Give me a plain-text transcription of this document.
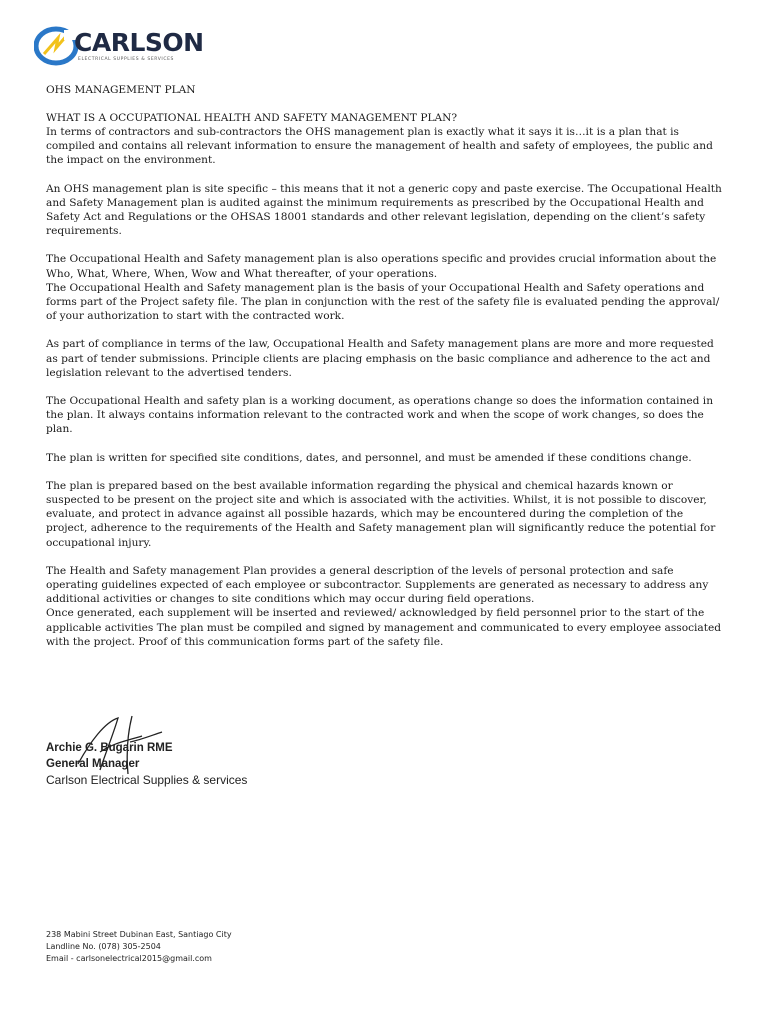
CARLSON
ELECTRICAL SUPPLIES & SERVICES

OHS MANAGEMENT PLAN

WHAT IS A OCCUPATIONAL HEALTH AND SAFETY MANAGEMENT PLAN?

In terms of contractors and sub-contractors the OHS management plan is exactly what it says it is…it is a plan that is compiled and contains all relevant information to ensure the management of health and safety of employees, the public and the impact on the environment.

An OHS management plan is site specific – this means that it not a generic copy and paste exercise. The Occupational Health and Safety Management plan is audited against the minimum requirements as prescribed by the Occupational Health and Safety Act and Regulations or the OHSAS 18001 standards and other relevant legislation, depending on the client’s safety requirements.

The Occupational Health and Safety management plan is also operations specific and provides crucial information about the Who, What, Where, When, Wow and What thereafter, of your operations.

The Occupational Health and Safety management plan is the basis of your Occupational Health and Safety operations and forms part of the Project safety file. The plan in conjunction with the rest of the safety file is evaluated pending the approval/ of your authorization to start with the contracted work.

As part of compliance in terms of the law, Occupational Health and Safety management plans are more and more requested as part of tender submissions. Principle clients are placing emphasis on the basic compliance and adherence to the act and legislation relevant to the advertised tenders.

The Occupational Health and safety plan is a working document, as operations change so does the information contained in the plan. It always contains information relevant to the contracted work and when the scope of work changes, so does the plan.

The plan is written for specified site conditions, dates, and personnel, and must be amended if these conditions change.

The plan is prepared based on the best available information regarding the physical and chemical hazards known or suspected to be present on the project site and which is associated with the activities. Whilst, it is not possible to discover, evaluate, and protect in advance against all possible hazards, which may be encountered during the completion of the project, adherence to the requirements of the Health and Safety management plan will significantly reduce the potential for occupational injury.

The Health and Safety management Plan provides a general description of the levels of personal protection and safe operating guidelines expected of each employee or subcontractor. Supplements are generated as necessary to address any additional activities or changes to site conditions which may occur during field operations.

Once generated, each supplement will be inserted and reviewed/ acknowledged by field personnel prior to the start of the applicable activities The plan must be compiled and signed by management and communicated to every employee associated with the project. Proof of this communication forms part of the safety file.

Archie G. Bugarin RME
General Manager
Carlson Electrical Supplies & services
238 Mabini Street Dubinan East, Santiago City
Landline No. (078) 305-2504
Email - carlsonelectrical2015@gmail.com
